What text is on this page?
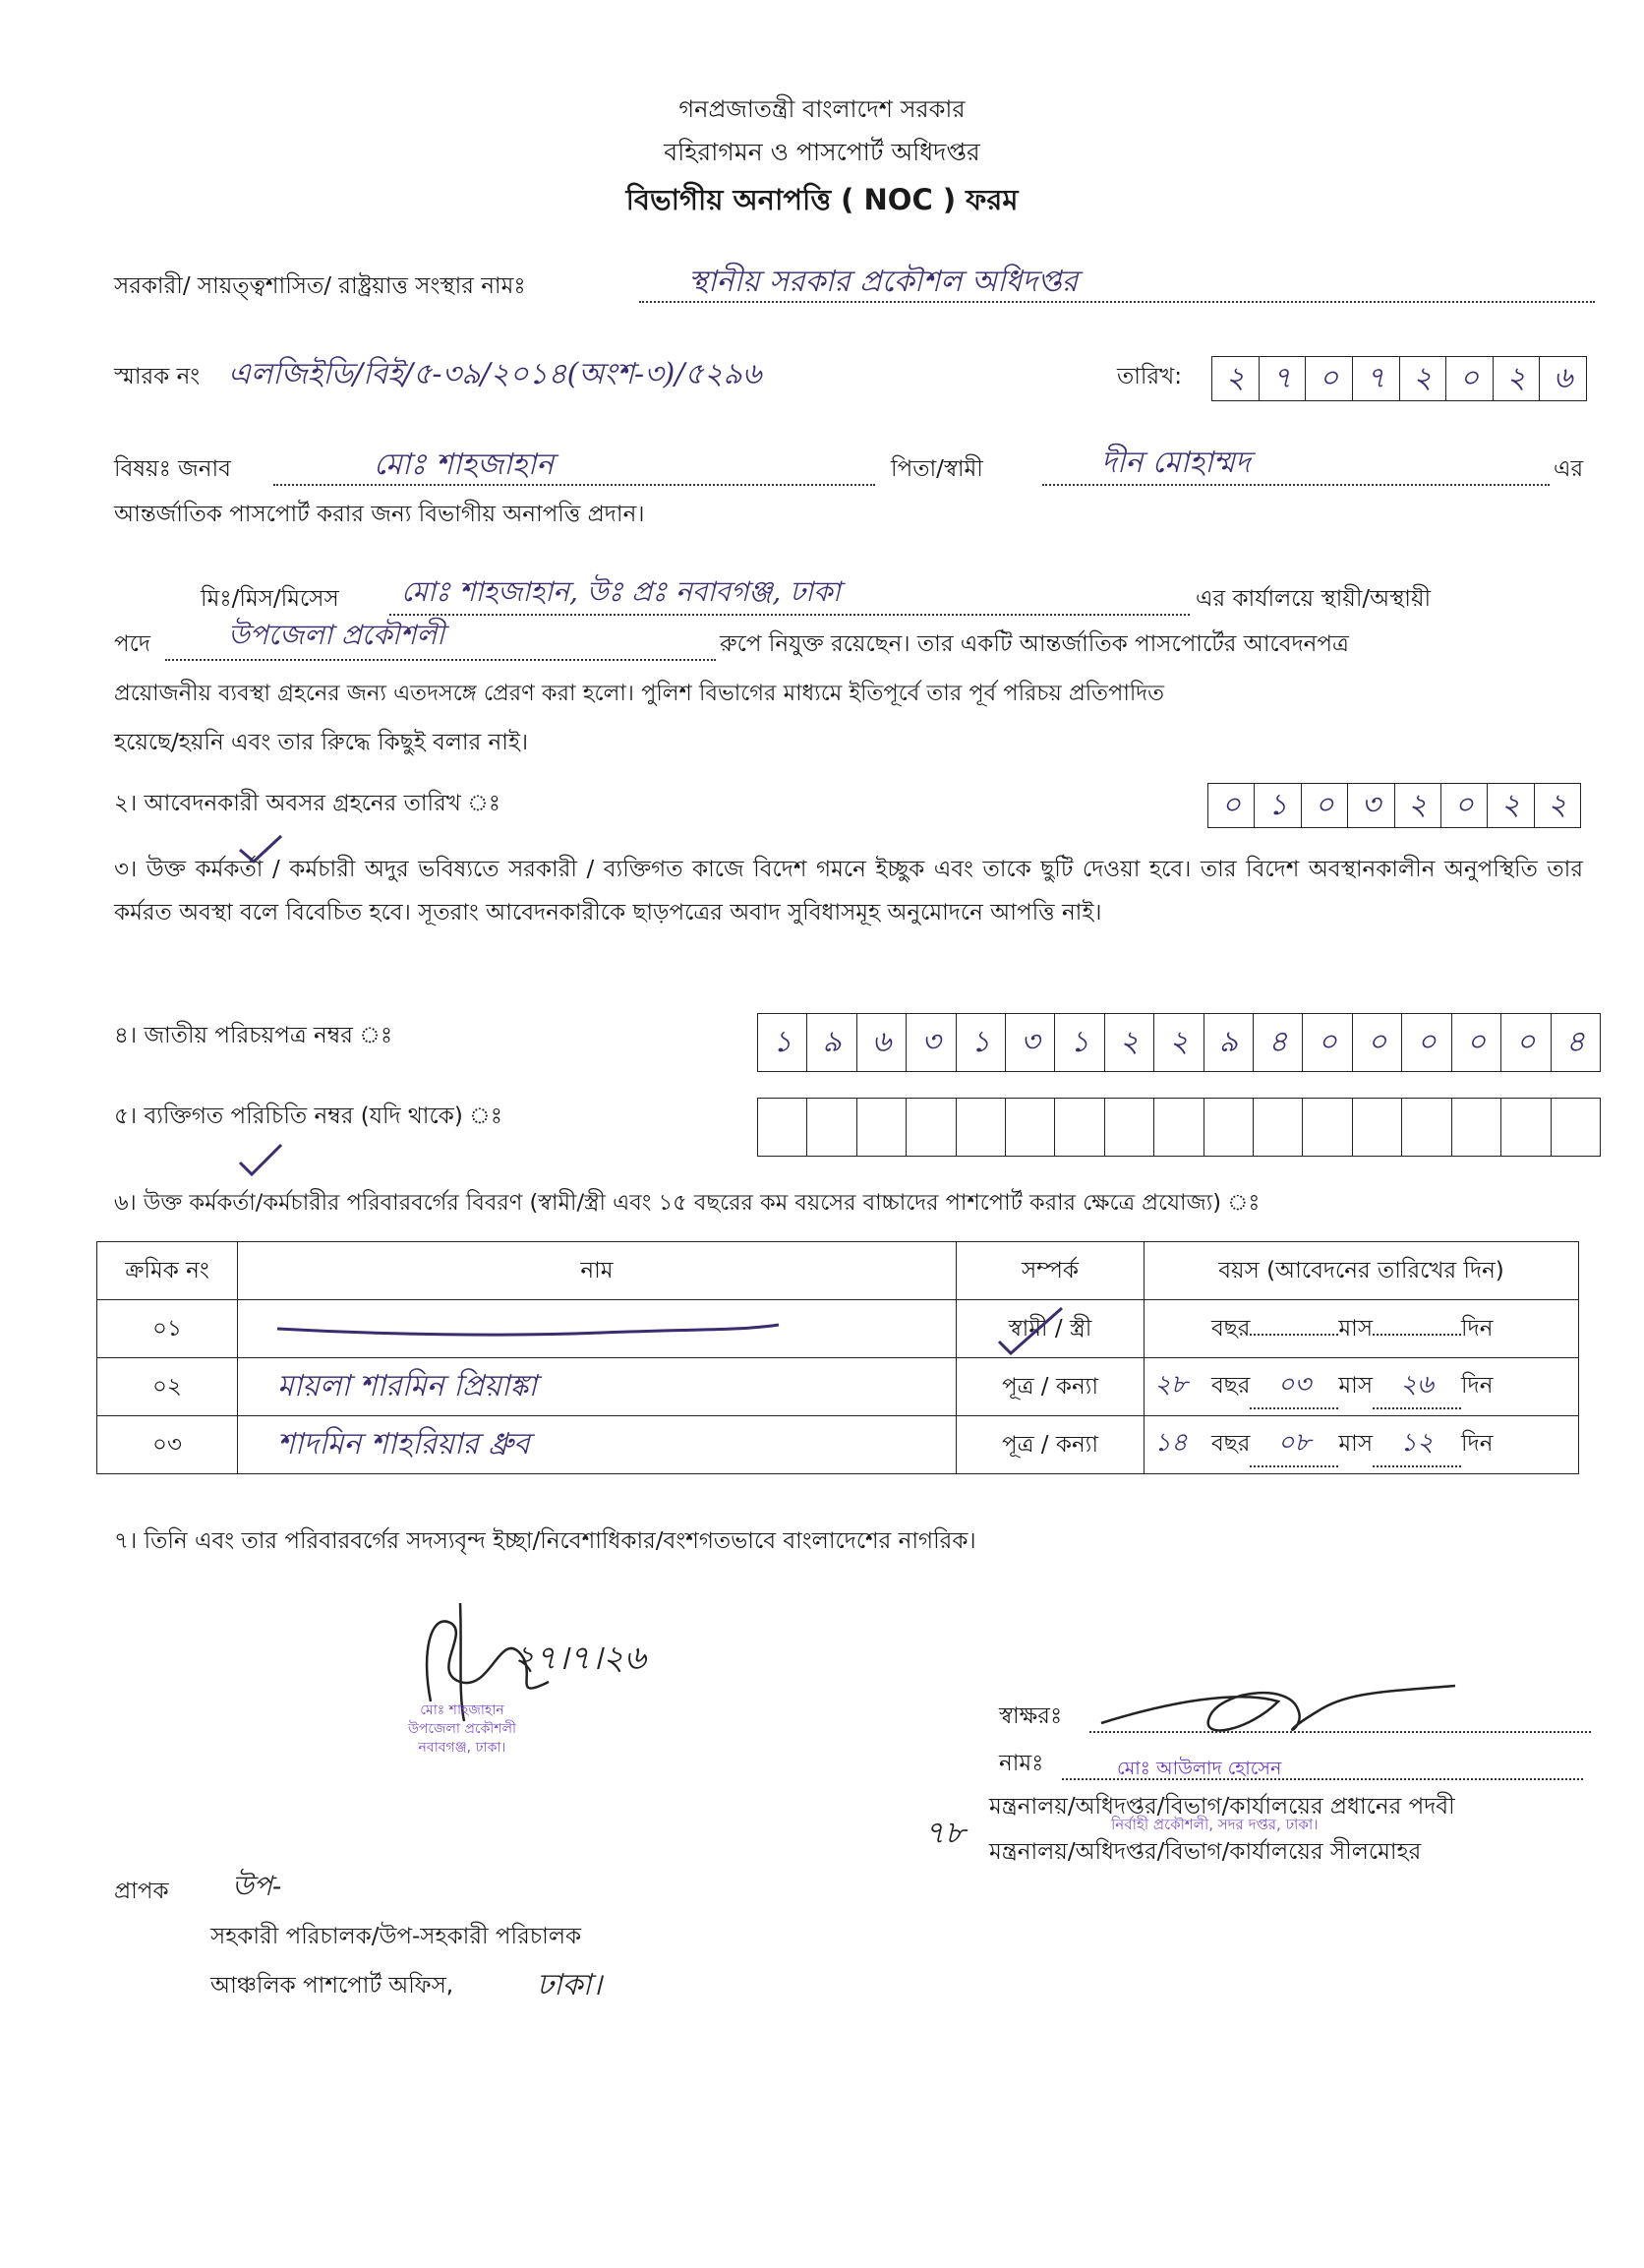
গনপ্রজাতন্ত্রী বাংলাদেশ সরকার
বহিরাগমন ও পাসপোর্ট অধিদপ্তর
বিভাগীয় অনাপত্তি ( NOC ) ফরম
সরকারী/ সায়ত্ত্বশাসিত/ রাষ্ট্রয়াত্ত সংস্থার নামঃ	স্থানীয় সরকার প্রকৌশল অধিদপ্তর
স্মারক নং এলজিইডি/বিই/৫-৩৯/২০১৪(অংশ-৩)/৫২৯৬	তারিখ:	২ ৭ ০ ৭ ২ ০ ২ ৬
বিষয়ঃ জনাব	মোঃ শাহজাহান	পিতা/স্বামী	দীন মোহাম্মদ	এর
আন্তর্জাতিক পাসপোর্ট করার জন্য বিভাগীয় অনাপত্তি প্রদান।
মিঃ/মিস/মিসেস মোঃ শাহজাহান, উঃ প্রঃ নবাবগঞ্জ, ঢাকা	এর কার্যালয়ে স্থায়ী/অস্থায়ী
পদে	উপজেলা প্রকৌশলী	রুপে নিযুক্ত রয়েছেন। তার একটি আন্তর্জাতিক পাসপোর্টের আবেদনপত্র
প্রয়োজনীয় ব্যবস্থা গ্রহনের জন্য এতদসঙ্গে প্রেরণ করা হলো। পুলিশ বিভাগের মাধ্যমে ইতিপূর্বে তার পূর্ব পরিচয় প্রতিপাদিত
হয়েছে/হয়নি এবং তার রিুদ্ধে কিছুই বলার নাই।
২। আবেদনকারী অবসর গ্রহনের তারিখ ঃ	০ ১ ০ ৩ ২ ০ ২ ২
৩। উক্ত কর্মকর্তা / কর্মচারী অদুর ভবিষ্যতে সরকারী / ব্যক্তিগত কাজে বিদেশ গমনে ইচ্ছুক এবং তাকে ছুটি দেওয়া হবে। তার বিদেশ অবস্থানকালীন অনুপস্থিতি তার কর্মরত অবস্থা বলে বিবেচিত হবে। সূতরাং আবেদনকারীকে ছাড়পত্রের অবাদ সুবিধাসমূহ অনুমোদনে আপত্তি নাই।
৪। জাতীয় পরিচয়পত্র নম্বর ঃ	১	৯	৬	৩	১	৩	১	২	২	৯	৪	০	০	০	০	০	৪
৫। ব্যক্তিগত পরিচিতি নম্বর (যদি থাকে) ঃ
৬। উক্ত কর্মকর্তা/কর্মচারীর পরিবারবর্গের বিবরণ (স্বামী/স্ত্রী এবং ১৫ বছরের কম বয়সের বাচ্চাদের পাশপোর্ট করার ক্ষেত্রে প্রযোজ্য) ঃ
ক্রমিক নং	নাম	সম্পর্ক	বয়স (আবেদনের তারিখের দিন)
০১		স্বামী / স্ত্রী	বছর মাস দিন
০২	মায়লা শারমিন প্রিয়াঙ্কা	পূত্র / কন্যা	২৮ বছর ০৩ মাস ২৬ দিন
০৩	শাদমিন শাহরিয়ার ধ্রুব	পূত্র / কন্যা	১৪ বছর ০৮ মাস ১২ দিন
৭। তিনি এবং তার পরিবারবর্গের সদস্যবৃন্দ ইচ্ছা/নিবেশাধিকার/বংশগতভাবে বাংলাদেশের নাগরিক।
২৭।৭।২৬
মোঃ শাহজাহান
উপজেলা প্রকৌশলী
নবাবগঞ্জ, ঢাকা।
স্বাক্ষরঃ
নামঃ	মোঃ আউলাদ হোসেন
মন্ত্রনালয়/অধিদপ্তর/বিভাগ/কার্যালয়ের প্রধানের পদবী
নির্বাহী প্রকৌশলী, সদর দপ্তর, ঢাকা।
মন্ত্রনালয়/অধিদপ্তর/বিভাগ/কার্যালয়ের সীলমোহর
৭৮
প্রাপক উপ-
সহকারী পরিচালক/উপ-সহকারী পরিচালক
আঞ্চলিক পাশপোর্ট অফিস,	ঢাকা।
